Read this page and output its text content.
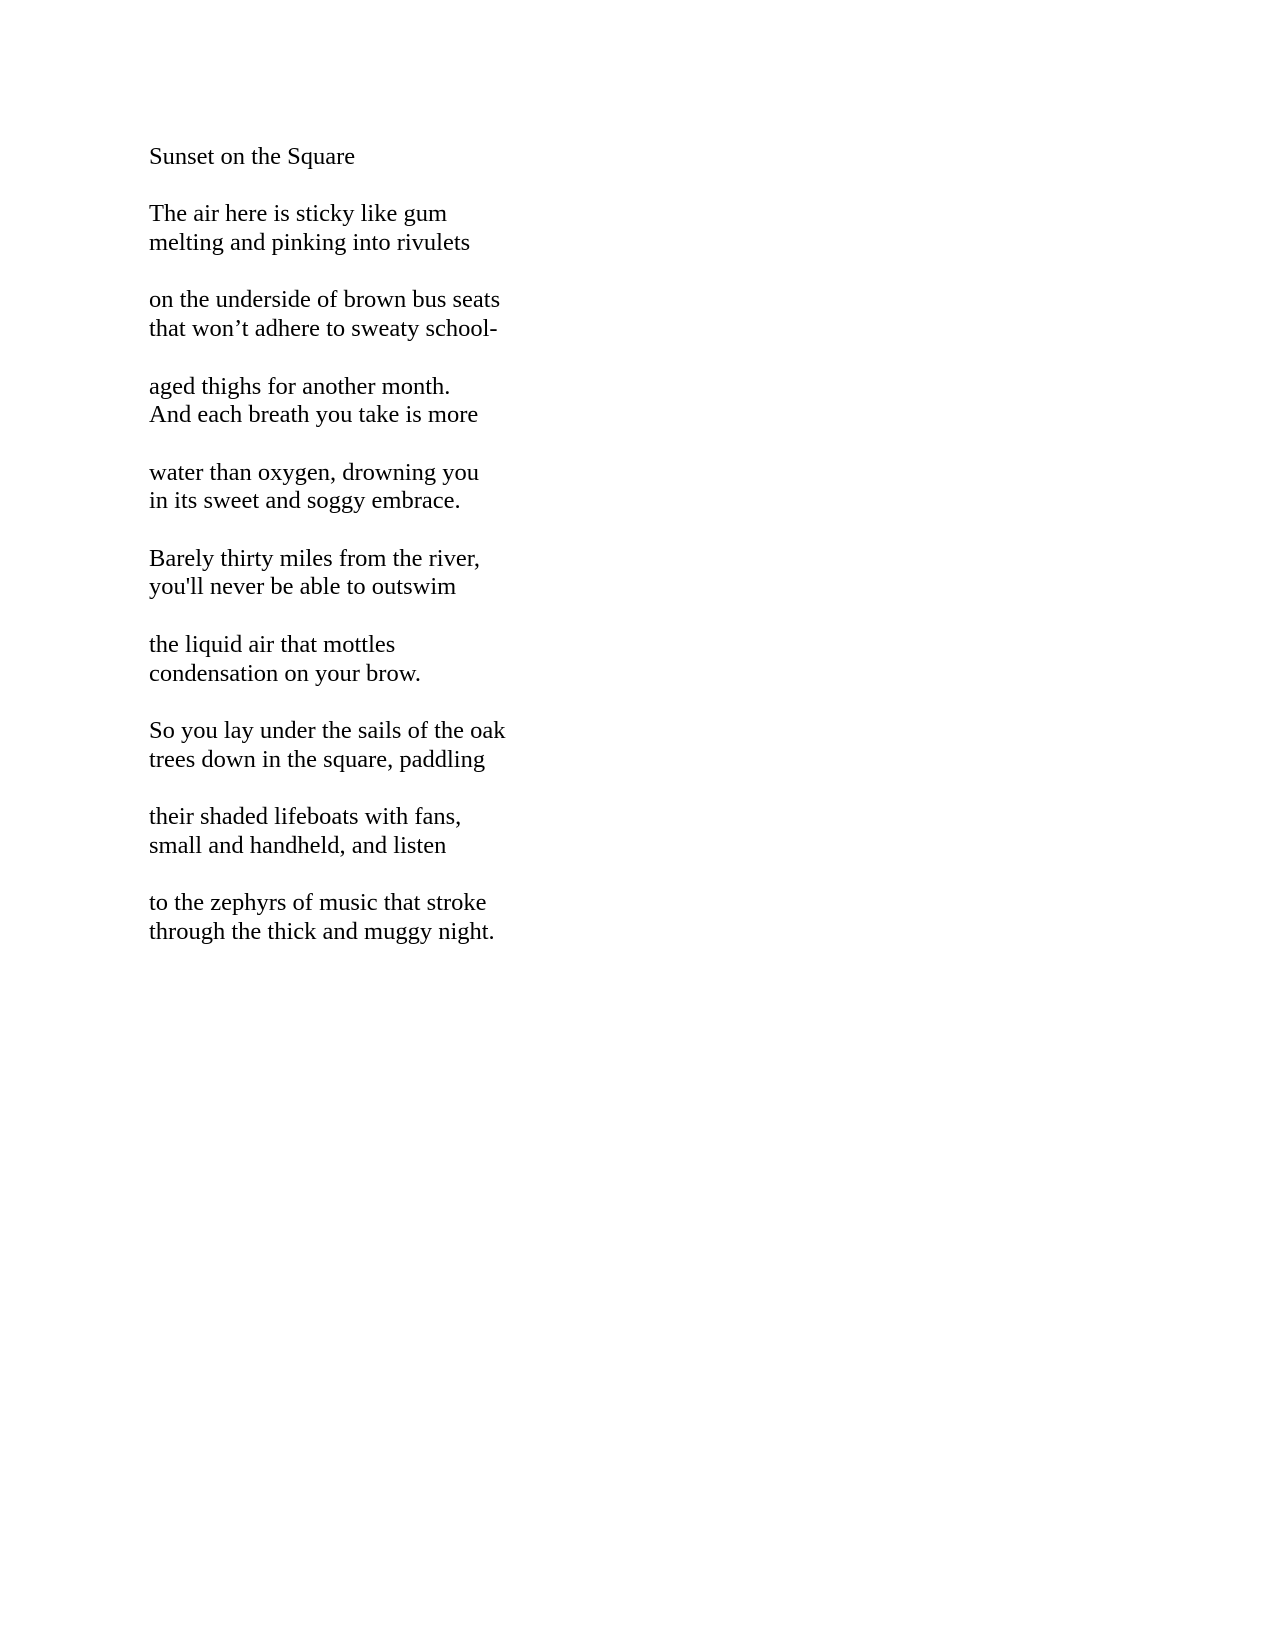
Sunset on the Square
The air here is sticky like gum
melting and pinking into rivulets
on the underside of brown bus seats
that won’t adhere to sweaty school-
aged thighs for another month.
And each breath you take is more
water than oxygen, drowning you
in its sweet and soggy embrace.
Barely thirty miles from the river,
you'll never be able to outswim
the liquid air that mottles
condensation on your brow.
So you lay under the sails of the oak
trees down in the square, paddling
their shaded lifeboats with fans,
small and handheld, and listen
to the zephyrs of music that stroke
through the thick and muggy night.
